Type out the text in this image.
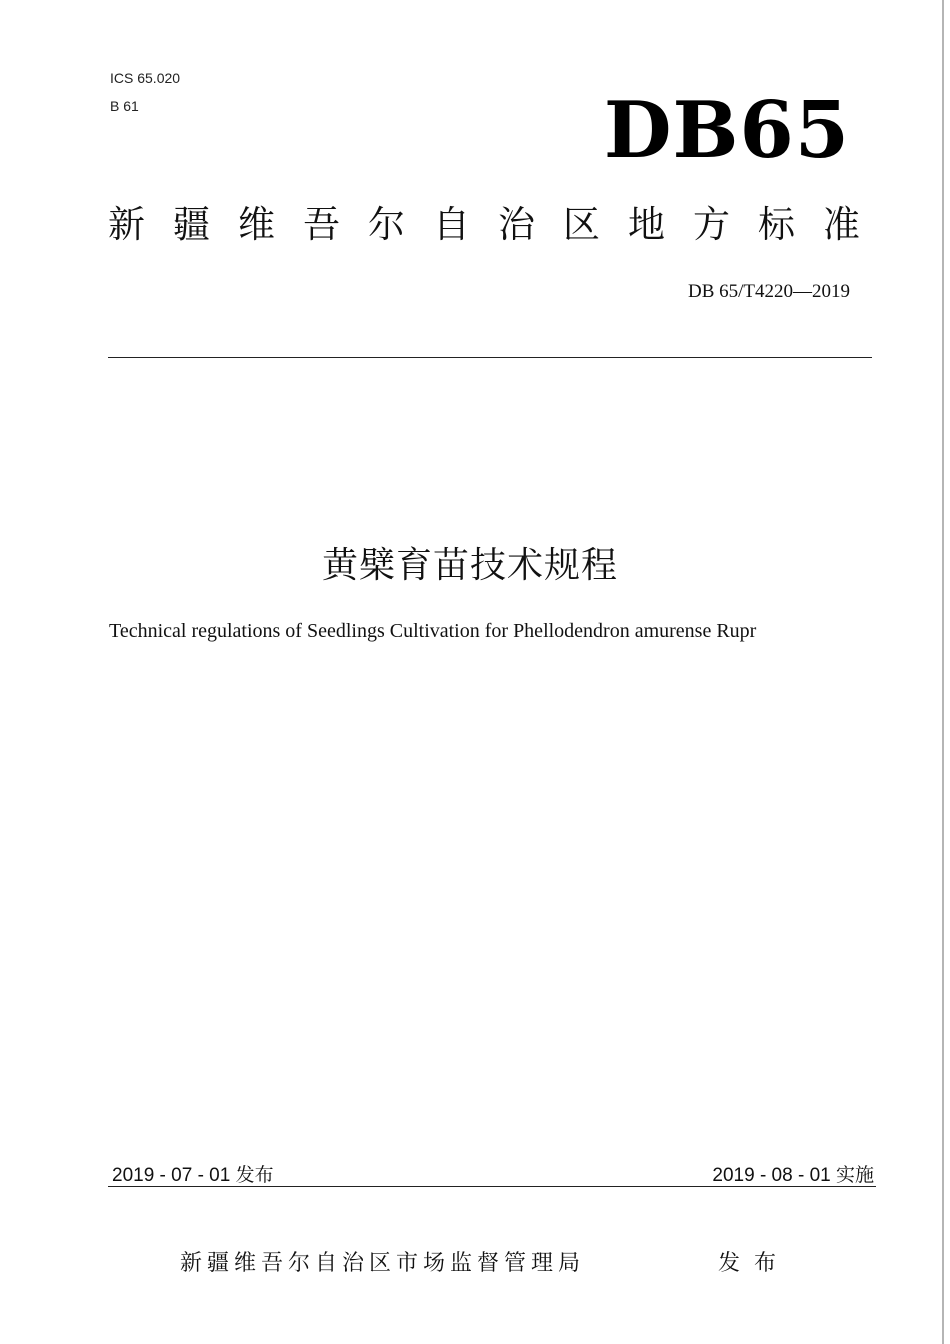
ICS 65.020
B 61	DB65
新疆维吾尔自治区地方标准
DB 65/T4220—2019
黄檗育苗技术规程
Technical regulations of Seedlings Cultivation for Phellodendron amurense Rupr
2019 - 07 - 01 发布	2019 - 08 - 01 实施
新疆维吾尔自治区市场监督管理局	发布
